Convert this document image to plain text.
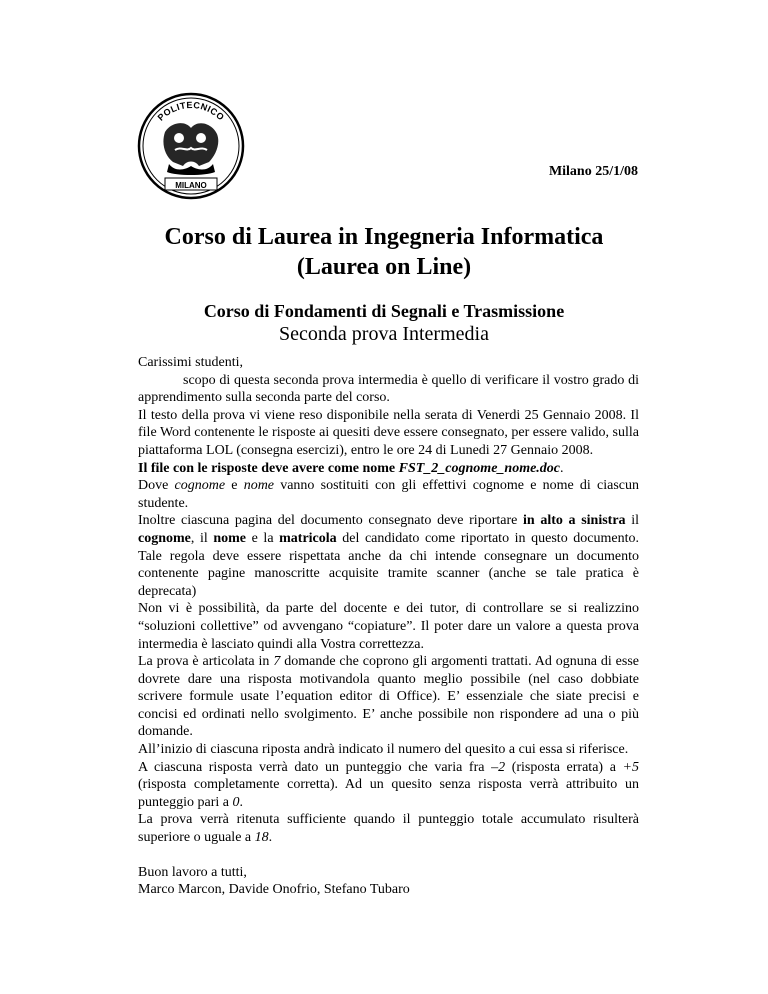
POLITECNICO
MILANO
Milano 25/1/08
Corso di Laurea in Ingegneria Informatica
(Laurea on Line)
Corso di Fondamenti di Segnali e Trasmissione
Seconda prova Intermedia

Carissimi studenti,

scopo di questa seconda prova intermedia è quello di verificare il vostro grado di apprendimento sulla seconda parte del corso.

Il testo della prova vi viene reso disponibile nella serata di Venerdi 25 Gennaio 2008. Il file Word contenente le risposte ai quesiti deve essere consegnato, per essere valido, sulla piattaforma LOL (consegna esercizi), entro le ore 24 di Lunedi 27 Gennaio 2008.

Il file con le risposte deve avere come nome FST_2_cognome_nome.doc.

Dove cognome e nome vanno sostituiti con gli effettivi cognome e nome di ciascun studente.

Inoltre ciascuna pagina del documento consegnato deve riportare in alto a sinistra il cognome, il nome e la matricola del candidato come riportato in questo documento. Tale regola deve essere rispettata anche da chi intende consegnare un documento contenente pagine manoscritte acquisite tramite scanner (anche se tale pratica è deprecata)

Non vi è possibilità, da parte del docente e dei tutor, di controllare se si realizzino “soluzioni collettive” od avvengano “copiature”. Il poter dare un valore a questa prova intermedia è lasciato quindi alla Vostra correttezza.

La prova è articolata in 7 domande che coprono gli argomenti trattati. Ad ognuna di esse dovrete dare una risposta motivandola quanto meglio possibile (nel caso dobbiate scrivere formule usate l’equation editor di Office). E’ essenziale che siate precisi e concisi ed ordinati nello svolgimento. E’ anche possibile non rispondere ad una o più domande.

All’inizio di ciascuna riposta andrà indicato il numero del quesito a cui essa si riferisce.

A ciascuna risposta verrà dato un punteggio che varia fra –2 (risposta errata) a +5 (risposta completamente corretta). Ad un quesito senza risposta verrà attribuito un punteggio pari a 0.

La prova verrà ritenuta sufficiente quando il punteggio totale accumulato risulterà superiore o uguale a 18.

Buon lavoro a tutti,

Marco Marcon, Davide Onofrio, Stefano Tubaro
